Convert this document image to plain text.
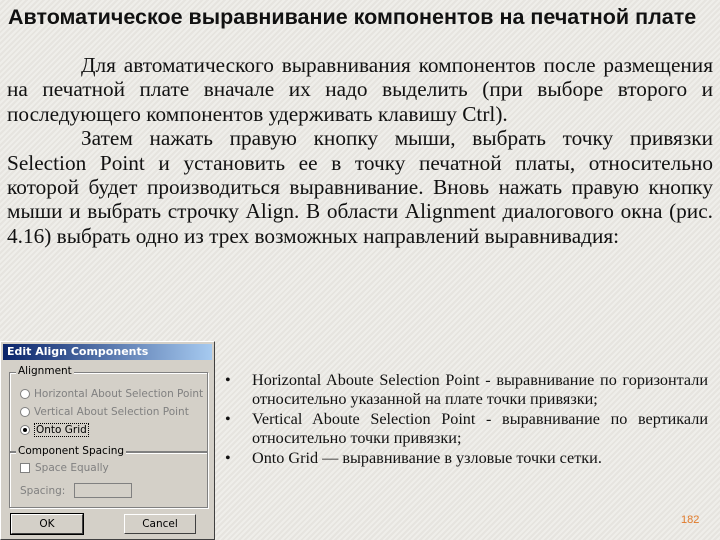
Автоматическое выравнивание компонентов на печатной плате

Для автоматического выравнивания компонентов после размещения на печатной плате вначале их надо выделить (при выборе второго и последующего компонентов удерживать клавишу Ctrl).

Затем нажать правую кнопку мыши, выбрать точку привязки Selection Point и установить ее в точку печатной платы, относительно которой будет производиться выравнивание. Вновь нажать правую кнопку мыши и выбрать строчку Align. В области Alignment диалогового окна (рис. 4.16) выбрать одно из трех возможных направлений выравнивадия:

Edit Align Components
Alignment
Horizontal About Selection Point
Vertical About Selection Point
Onto Grid
Component Spacing
Space Equally
Spacing:
OK	Cancel
• Horizontal Aboute Selection Point - выравнивание по горизонтали относительно указанной на плате точки привязки;
• Vertical Aboute Selection Point - выравнивание по вертикали относительно точки привязки;
• Onto Grid — выравнивание в узловые точки сетки.
182
